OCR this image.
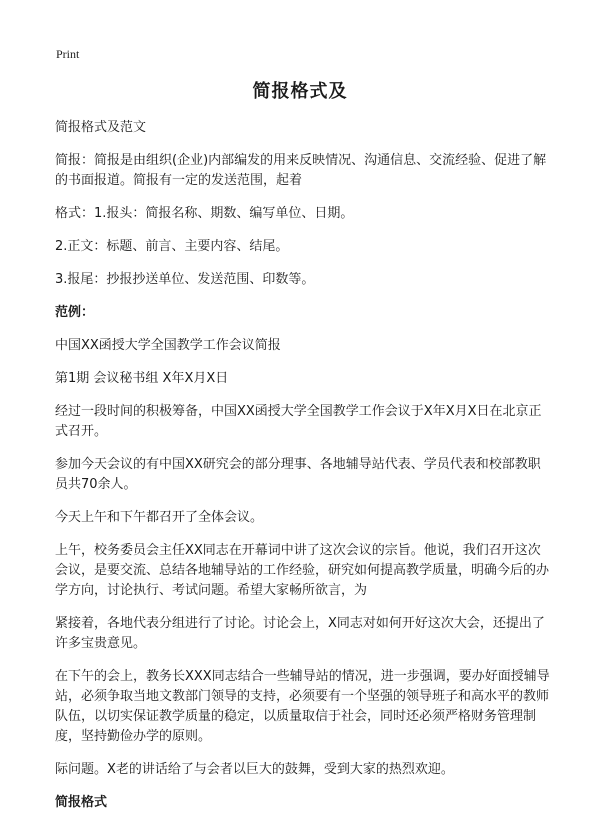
Print
简报格式及

简报格式及范文

简报：简报是由组织(企业)内部编发的用来反映情况、沟通信息、交流经验、促进了解的书面报道。简报有一定的发送范围，起着

格式：1.报头：简报名称、期数、编写单位、日期。

2.正文：标题、前言、主要内容、结尾。

3.报尾：抄报抄送单位、发送范围、印数等。

范例：

中国XX函授大学全国教学工作会议简报

第1期 会议秘书组 X年X月X日

经过一段时间的积极筹备，中国XX函授大学全国教学工作会议于X年X月X日在北京正式召开。

参加今天会议的有中国XX研究会的部分理事、各地辅导站代表、学员代表和校部教职员共70余人。

今天上午和下午都召开了全体会议。

上午，校务委员会主任XX同志在开幕词中讲了这次会议的宗旨。他说，我们召开这次会议，是要交流、总结各地辅导站的工作经验，研究如何提高教学质量，明确今后的办学方向，讨论执行、考试问题。希望大家畅所欲言，为

紧接着，各地代表分组进行了讨论。讨论会上，X同志对如何开好这次大会，还提出了许多宝贵意见。

在下午的会上，教务长XXX同志结合一些辅导站的情况，进一步强调，要办好面授辅导站，必须争取当地文教部门领导的支持，必须要有一个坚强的领导班子和高水平的教师队伍，以切实保证教学质量的稳定，以质量取信于社会，同时还必须严格财务管理制度，坚持勤俭办学的原则。

际问题。X老的讲话给了与会者以巨大的鼓舞，受到大家的热烈欢迎。

简报格式
